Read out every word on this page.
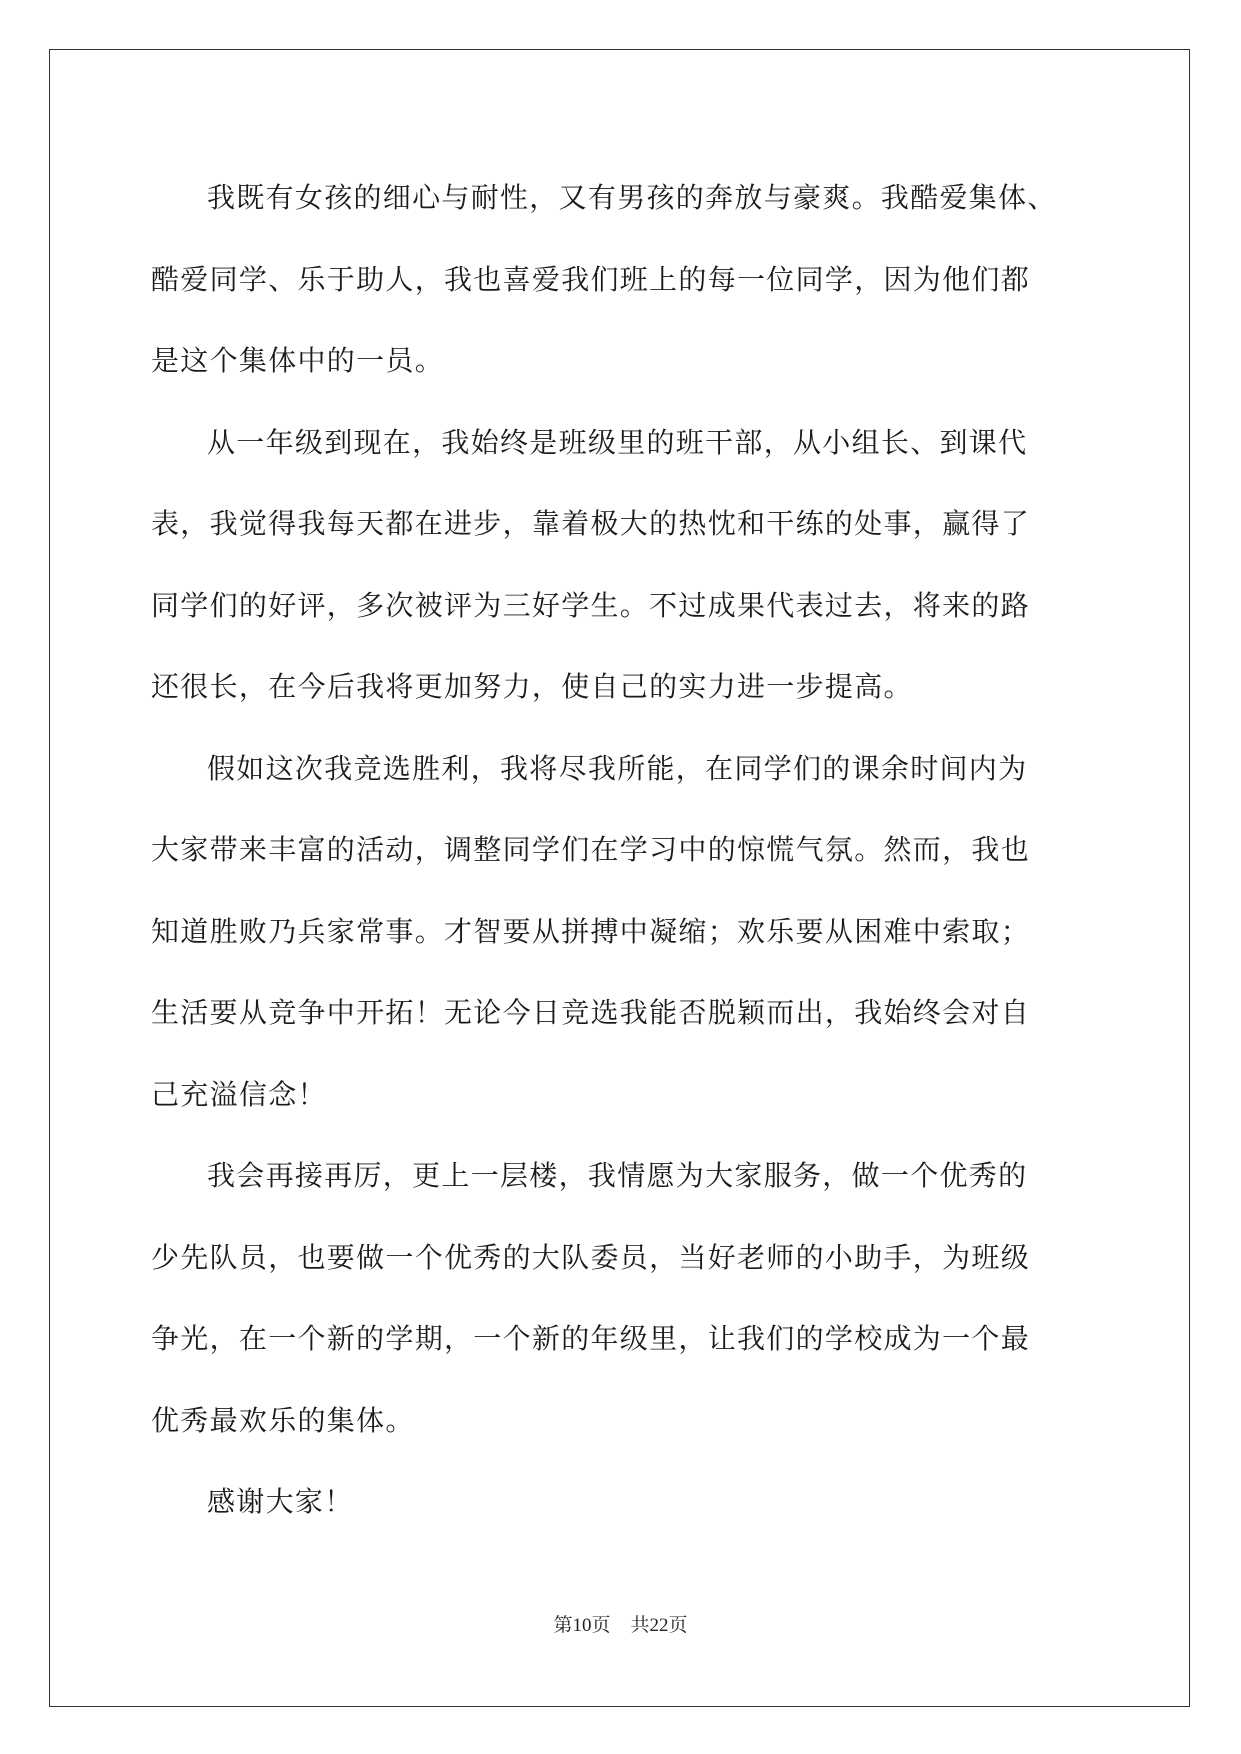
我既有女孩的细心与耐性，又有男孩的奔放与豪爽。我酷爱集体、
酷爱同学、乐于助人，我也喜爱我们班上的每一位同学，因为他们都
是这个集体中的一员。

从一年级到现在，我始终是班级里的班干部，从小组长、到课代
表，我觉得我每天都在进步，靠着极大的热忱和干练的处事，赢得了
同学们的好评，多次被评为三好学生。不过成果代表过去，将来的路
还很长，在今后我将更加努力，使自己的实力进一步提高。

假如这次我竞选胜利，我将尽我所能，在同学们的课余时间内为
大家带来丰富的活动，调整同学们在学习中的惊慌气氛。然而，我也
知道胜败乃兵家常事。才智要从拼搏中凝缩；欢乐要从困难中索取；
生活要从竞争中开拓！无论今日竞选我能否脱颖而出，我始终会对自
己充溢信念！

我会再接再厉，更上一层楼，我情愿为大家服务，做一个优秀的
少先队员，也要做一个优秀的大队委员，当好老师的小助手，为班级
争光，在一个新的学期，一个新的年级里，让我们的学校成为一个最
优秀最欢乐的集体。

感谢大家！

第10页 共22页
